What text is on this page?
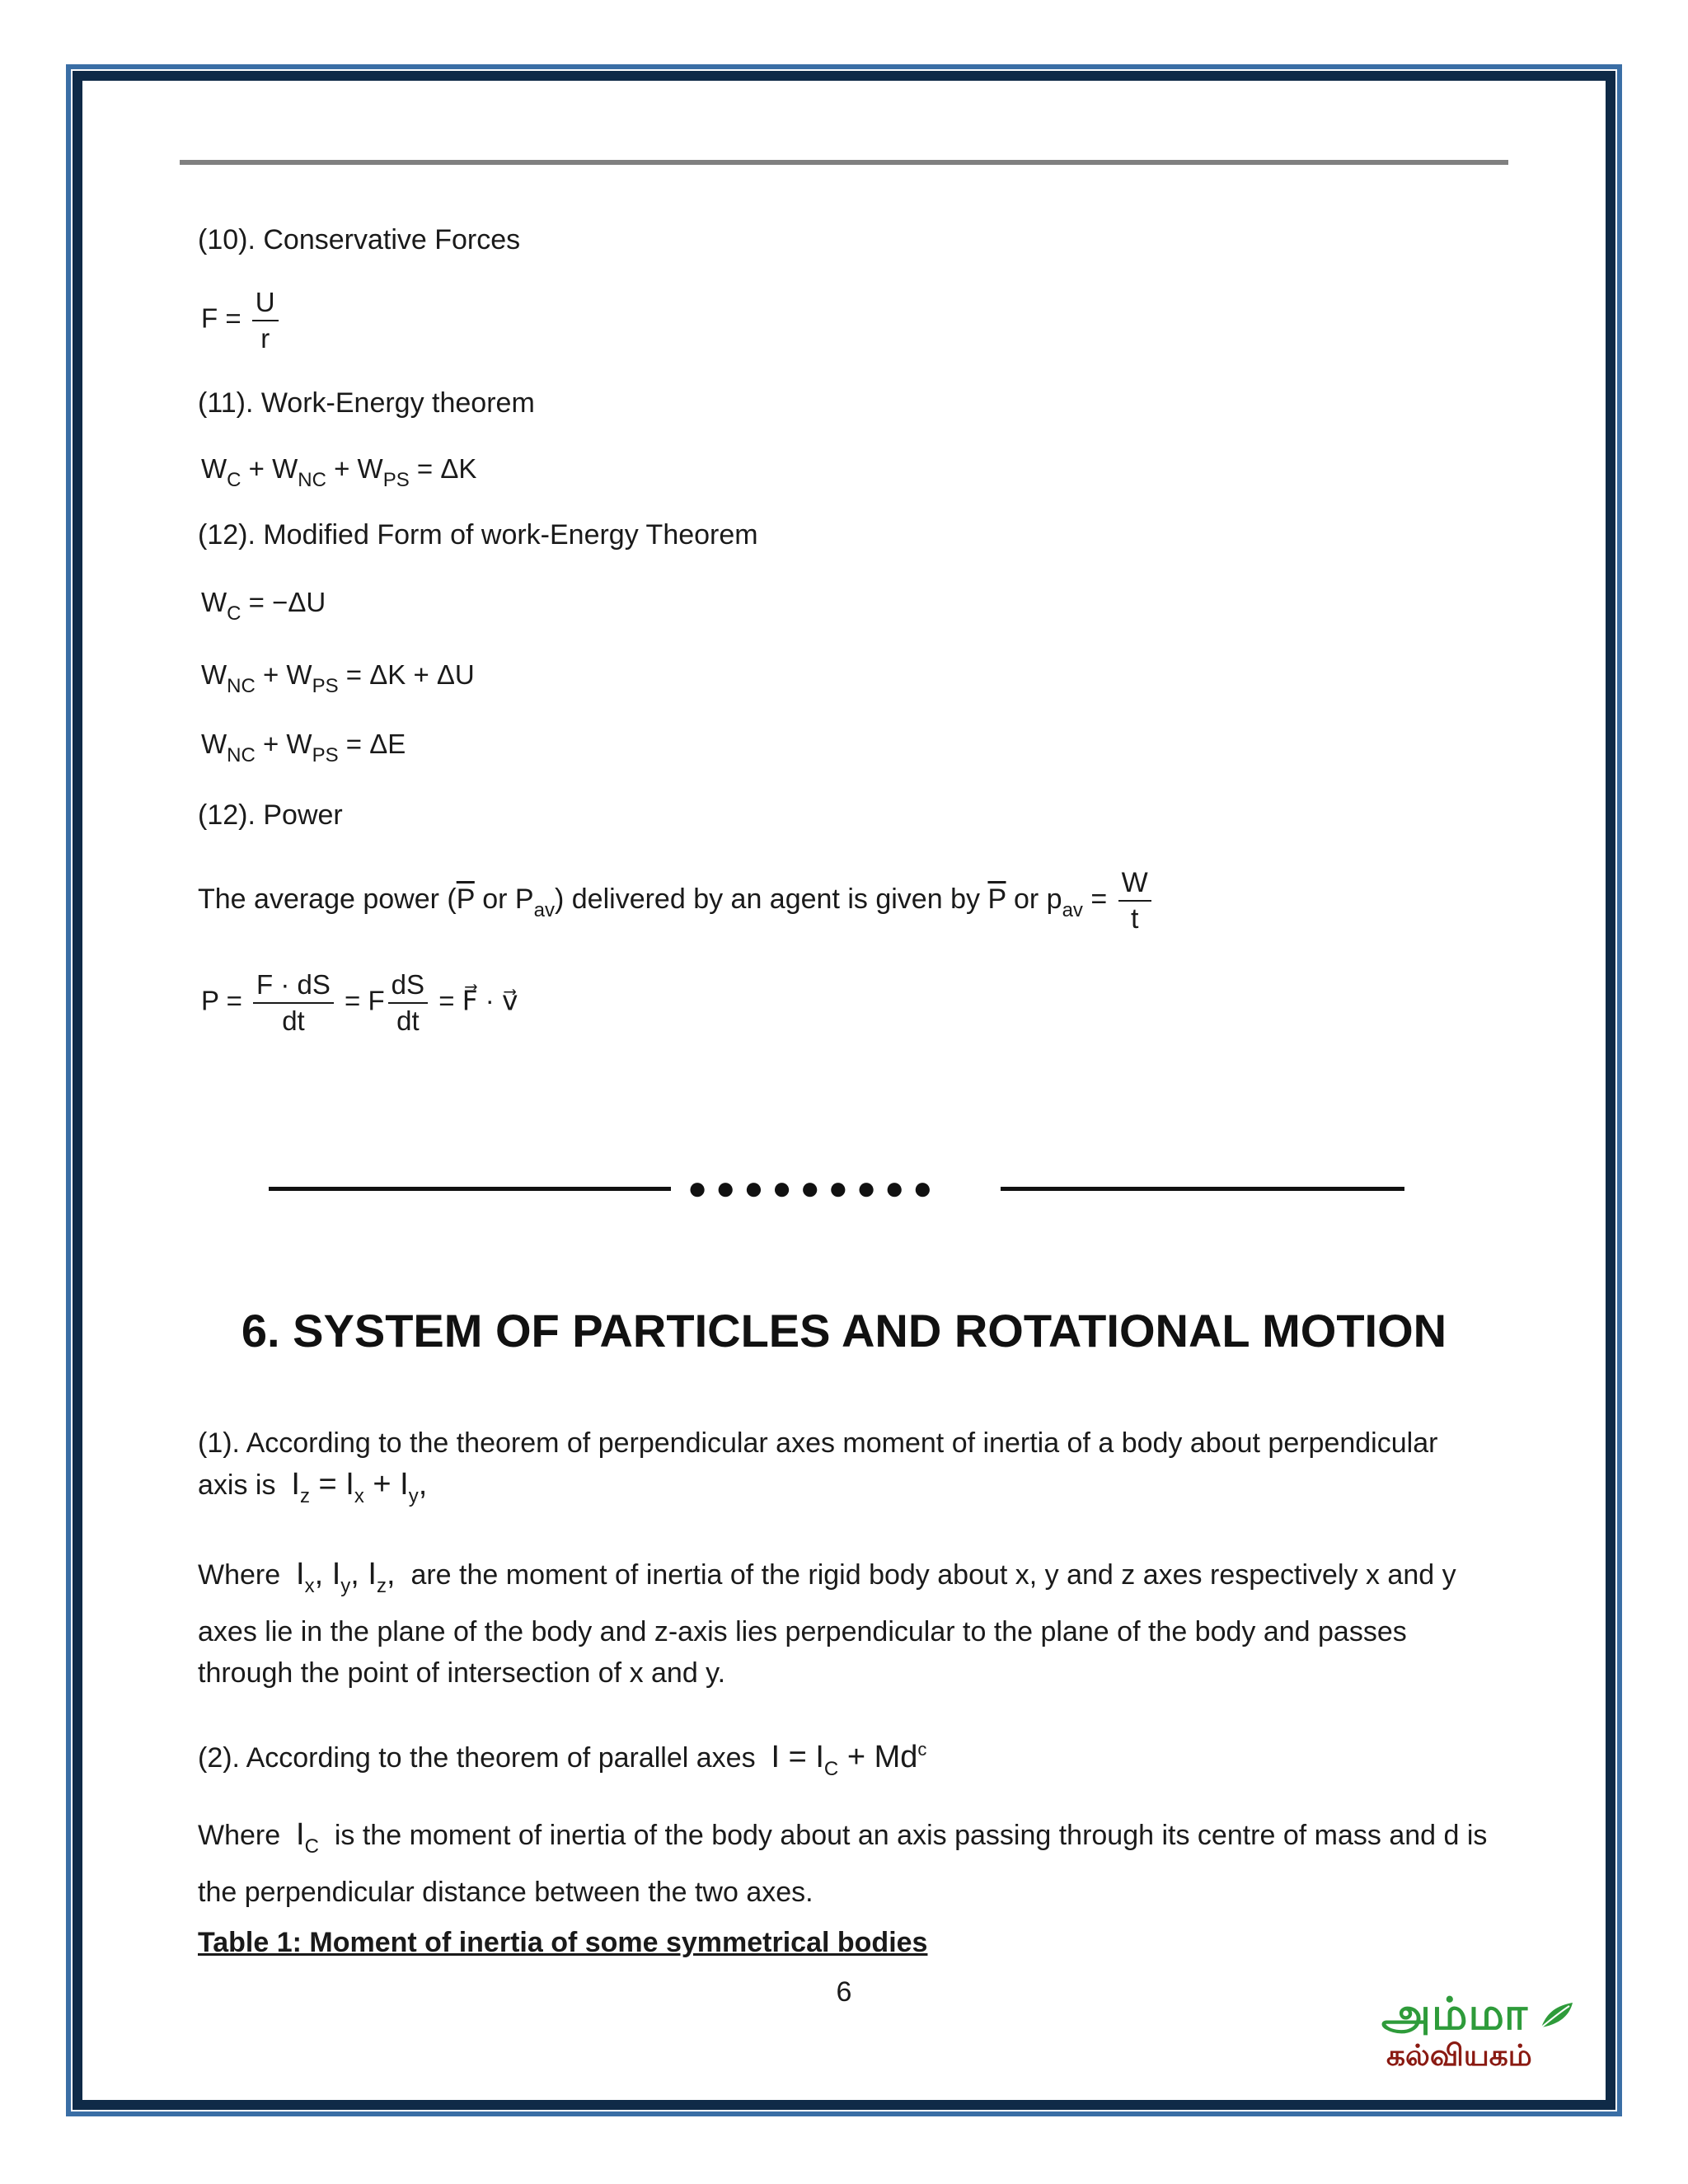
(10). Conservative Forces
$F = \frac{U}{r}$
(11). Work-Energy theorem
$W_C + W_{NC} + W_{PS} = \Delta K$
(12). Modified Form of work-Energy Theorem
$W_C = -\Delta U$
$W_{NC} + W_{PS} = \Delta K + \Delta U$
$W_{NC} + W_{PS} = \Delta E$
(12). Power
The average power ($\overline{P}$ or $P_{av}$) delivered by an agent is given by $\overline{P}$ or $p_{av} = \frac{W}{t}$
$P = \frac{F \cdot dS}{dt} = F \frac{dS}{dt}$ = F⃗ · v⃗
●●●●●●●●●
6. SYSTEM OF PARTICLES AND ROTATIONAL MOTION
(1). According to the theorem of perpendicular axes moment of inertia of a body about perpendicular
axis is $I_z = I_x + I_y$,
Where $I_x$, $I_y$, $I_z$, are the moment of inertia of the rigid body about x, y and z axes respectively x and y
axes lie in the plane of the body and z-axis lies perpendicular to the plane of the body and passes
through the point of intersection of x and y.
(2). According to the theorem of parallel axes $I = I_C + Md^c$
Where $I_C$ is the moment of inertia of the body about an axis passing through its centre of mass and d is
the perpendicular distance between the two axes.
Table 1: Moment of inertia of some symmetrical bodies
6	அம்மா
கல்வியகம்
